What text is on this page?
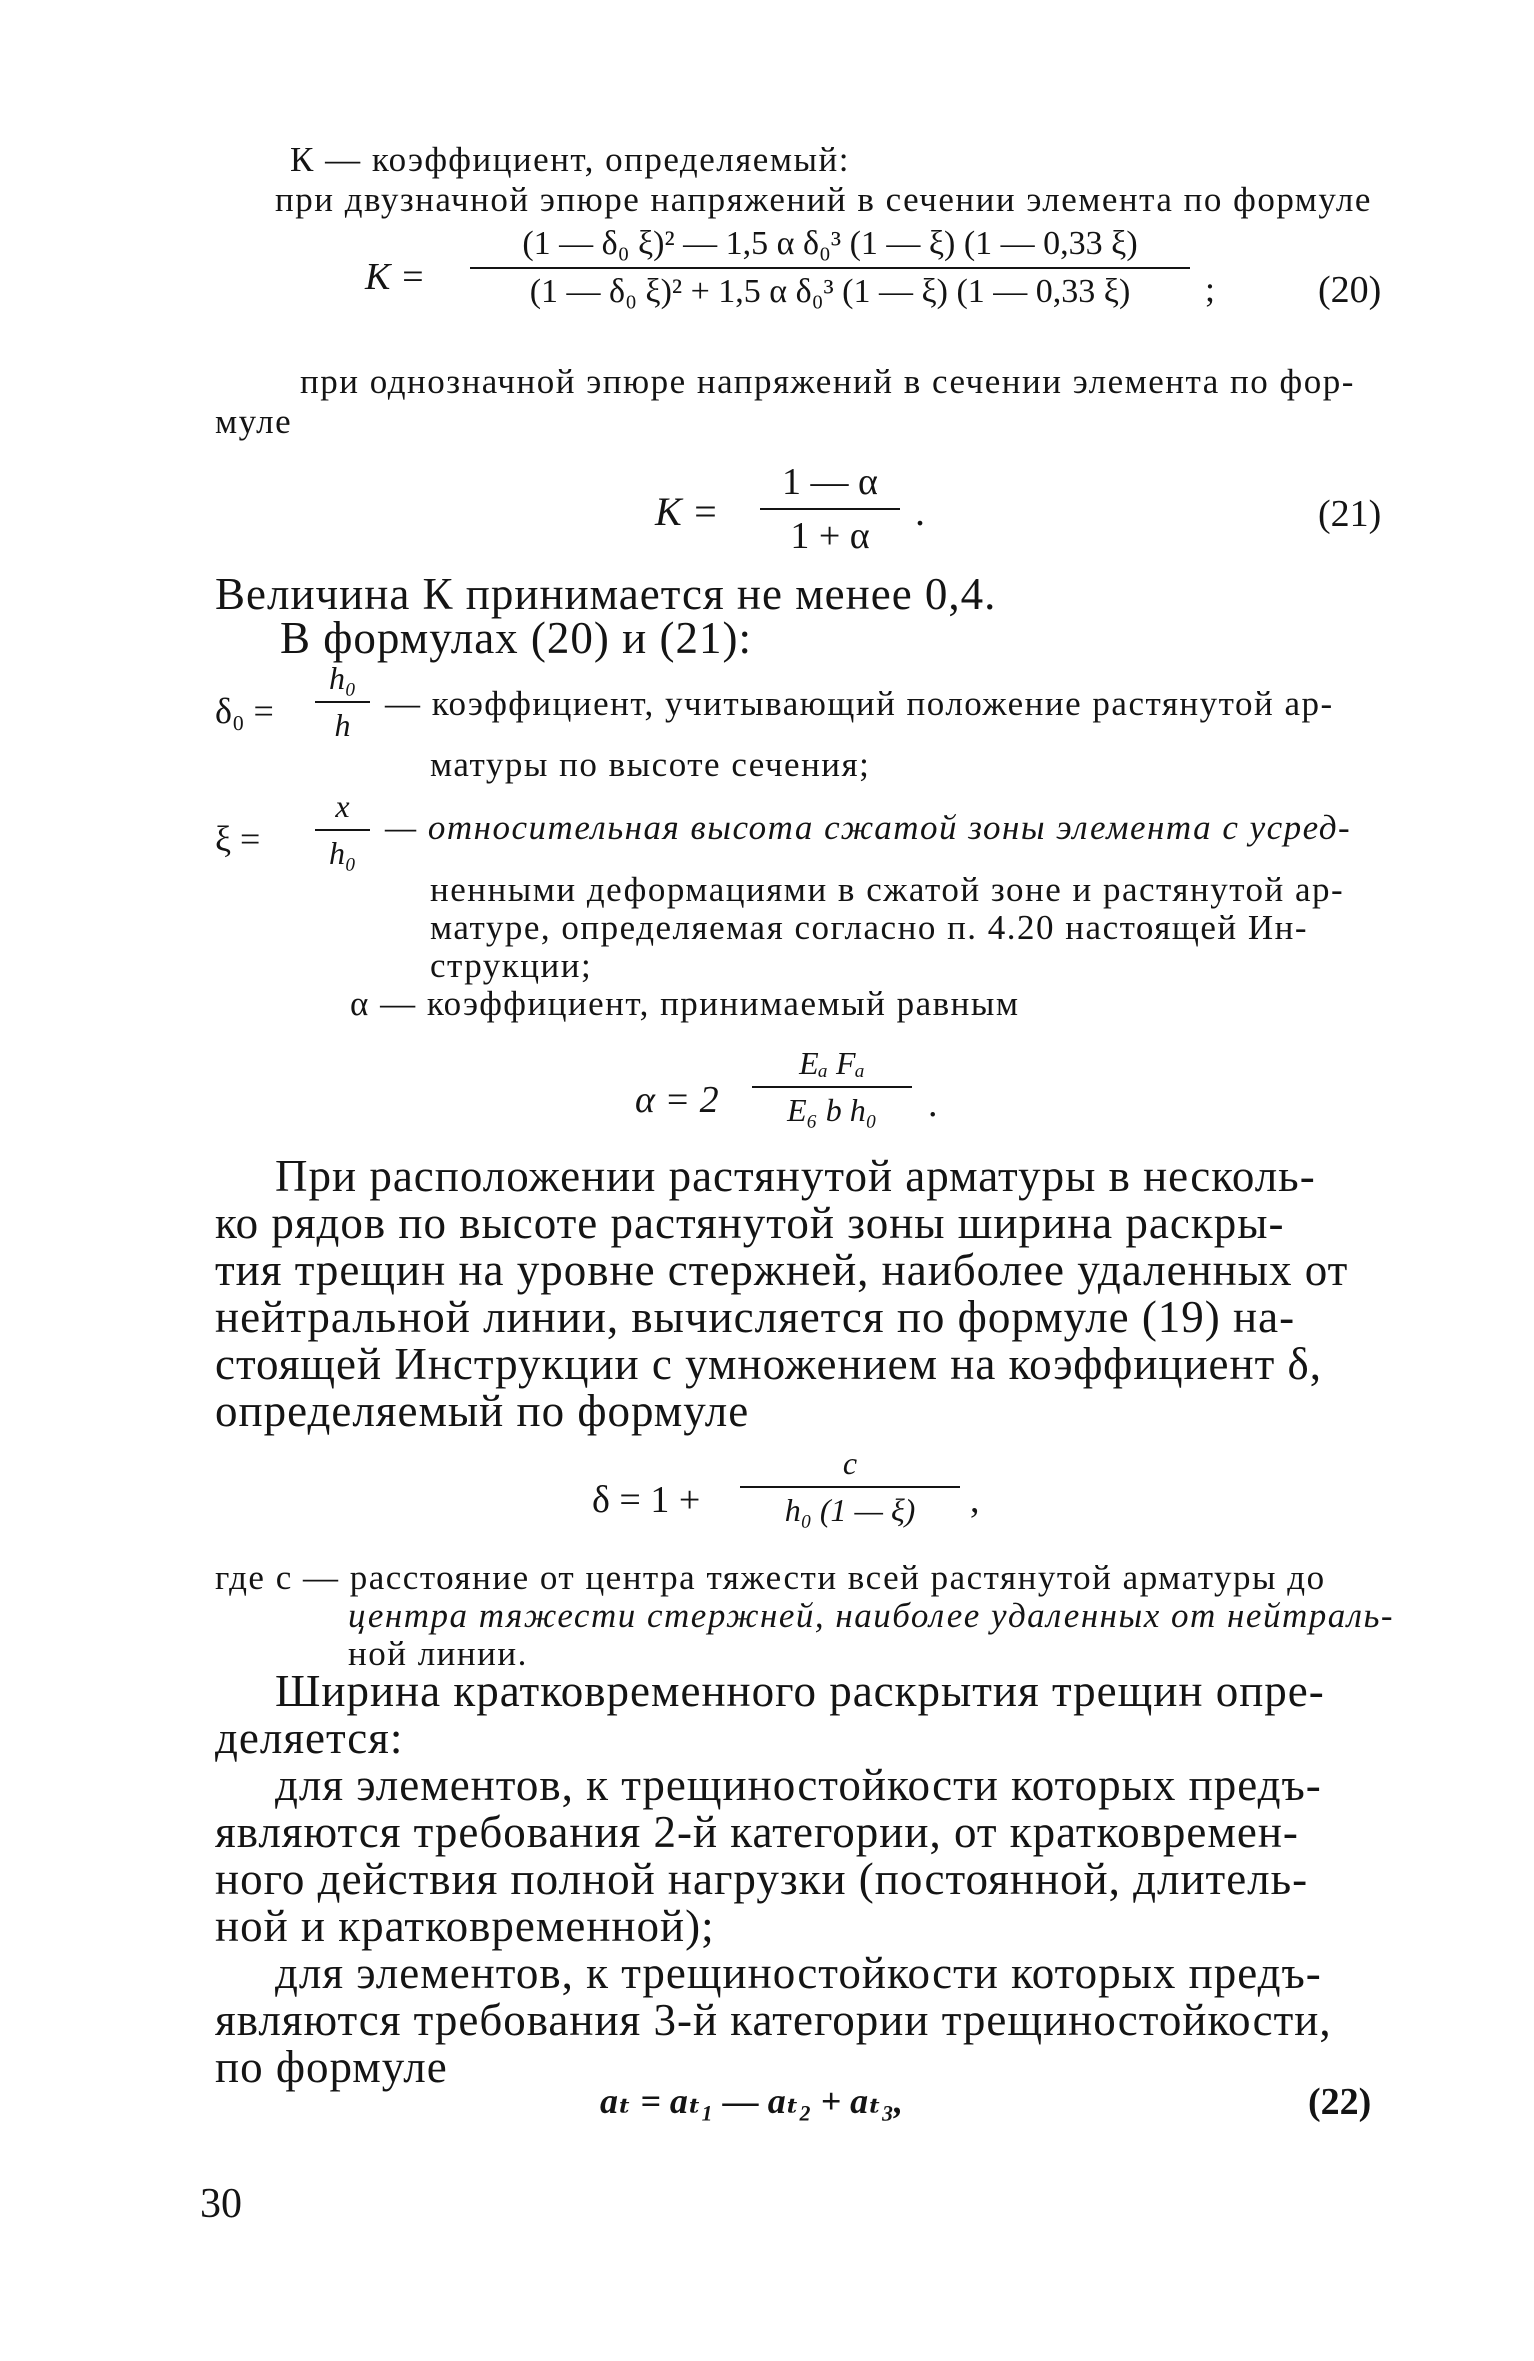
К — коэффициент, определяемый:
при двузначной эпюре напряжений в сечении элемента по формуле
К =
(1 — δ₀ ξ)² — 1,5 α δ₀³ (1 — ξ) (1 — 0,33 ξ)
(1 — δ₀ ξ)² + 1,5 α δ₀³ (1 — ξ) (1 — 0,33 ξ)	;	(20)
при однозначной эпюре напряжений в сечении элемента по фор-
муле
К =
1 — α
1 + α
.	(21)
Величина К принимается не менее 0,4.
В формулах (20) и (21):
δ₀ =
h₀
h
— коэффициент, учитывающий положение растянутой ар-
матуры по высоте сечения;
ξ =
x
h₀
— относительная высота сжатой зоны элемента с усред-
ненными деформациями в сжатой зоне и растянутой ар-
матуре, определяемая согласно п. 4.20 настоящей Ин-
струкции;
α — коэффициент, принимаемый равным
α = 2
Eₐ Fₐ
E₆ b h₀	.
При расположении растянутой арматуры в несколь-
ко рядов по высоте растянутой зоны ширина раскры-
тия трещин на уровне стержней, наиболее удаленных от
нейтральной линии, вычисляется по формуле (19) на-
стоящей Инструкции с умножением на коэффициент δ,
определяемый по формуле
δ = 1 +
c
h₀ (1 — ξ)	,
где с — расстояние от центра тяжести всей растянутой арматуры до
центра тяжести стержней, наиболее удаленных от нейтраль-
ной линии.
Ширина кратковременного раскрытия трещин опре-
деляется:
для элементов, к трещиностойкости которых предъ-
являются требования 2-й категории, от кратковремен-
ного действия полной нагрузки (постоянной, длитель-
ной и кратковременной);
для элементов, к трещиностойкости которых предъ-
являются требования 3-й категории трещиностойкости,
по формуле
aₜ = aₜ₁ — aₜ₂ + aₜ₃,	(22)
30
